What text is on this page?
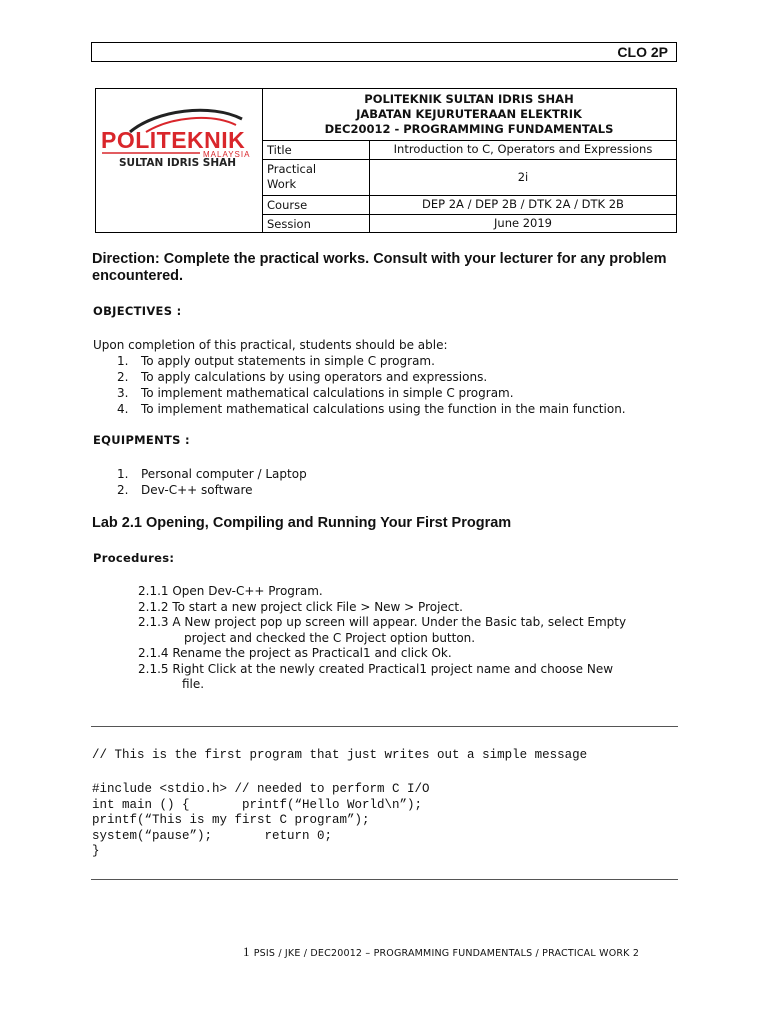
CLO 2P
POLITEKNIK
MALAYSIA
SULTAN IDRIS SHAH
POLITEKNIK SULTAN IDRIS SHAH
JABATAN KEJURUTERAAN ELEKTRIK
DEC20012 - PROGRAMMING FUNDAMENTALS
Title	Introduction to C, Operators and Expressions
Practical
Work	2i
Course	DEP 2A / DEP 2B / DTK 2A / DTK 2B
Session	June 2019
Direction: Complete the practical works. Consult with your lecturer for any problem encountered.
OBJECTIVES :
Upon completion of this practical, students should be able:
1. To apply output statements in simple C program.
2. To apply calculations by using operators and expressions.
3. To implement mathematical calculations in simple C program.
4. To implement mathematical calculations using the function in the main function.
EQUIPMENTS :
1. Personal computer / Laptop
2. Dev-C++ software
Lab 2.1 Opening, Compiling and Running Your First Program
Procedures:
2.1.1 Open Dev-C++ Program.
2.1.2 To start a new project click File > New > Project.
2.1.3 A New project pop up screen will appear. Under the Basic tab, select Empty
project and checked the C Project option button.
2.1.4 Rename the project as Practical1 and click Ok.
2.1.5 Right Click at the newly created Practical1 project name and choose New
file.
// This is the first program that just writes out a simple message
#include <stdio.h> // needed to perform C I/O
int main () {       printf(“Hello World\n”);
printf(“This is my first C program”);
system(“pause”);       return 0;
}
1 PSIS / JKE / DEC20012 – PROGRAMMING FUNDAMENTALS / PRACTICAL WORK 2
